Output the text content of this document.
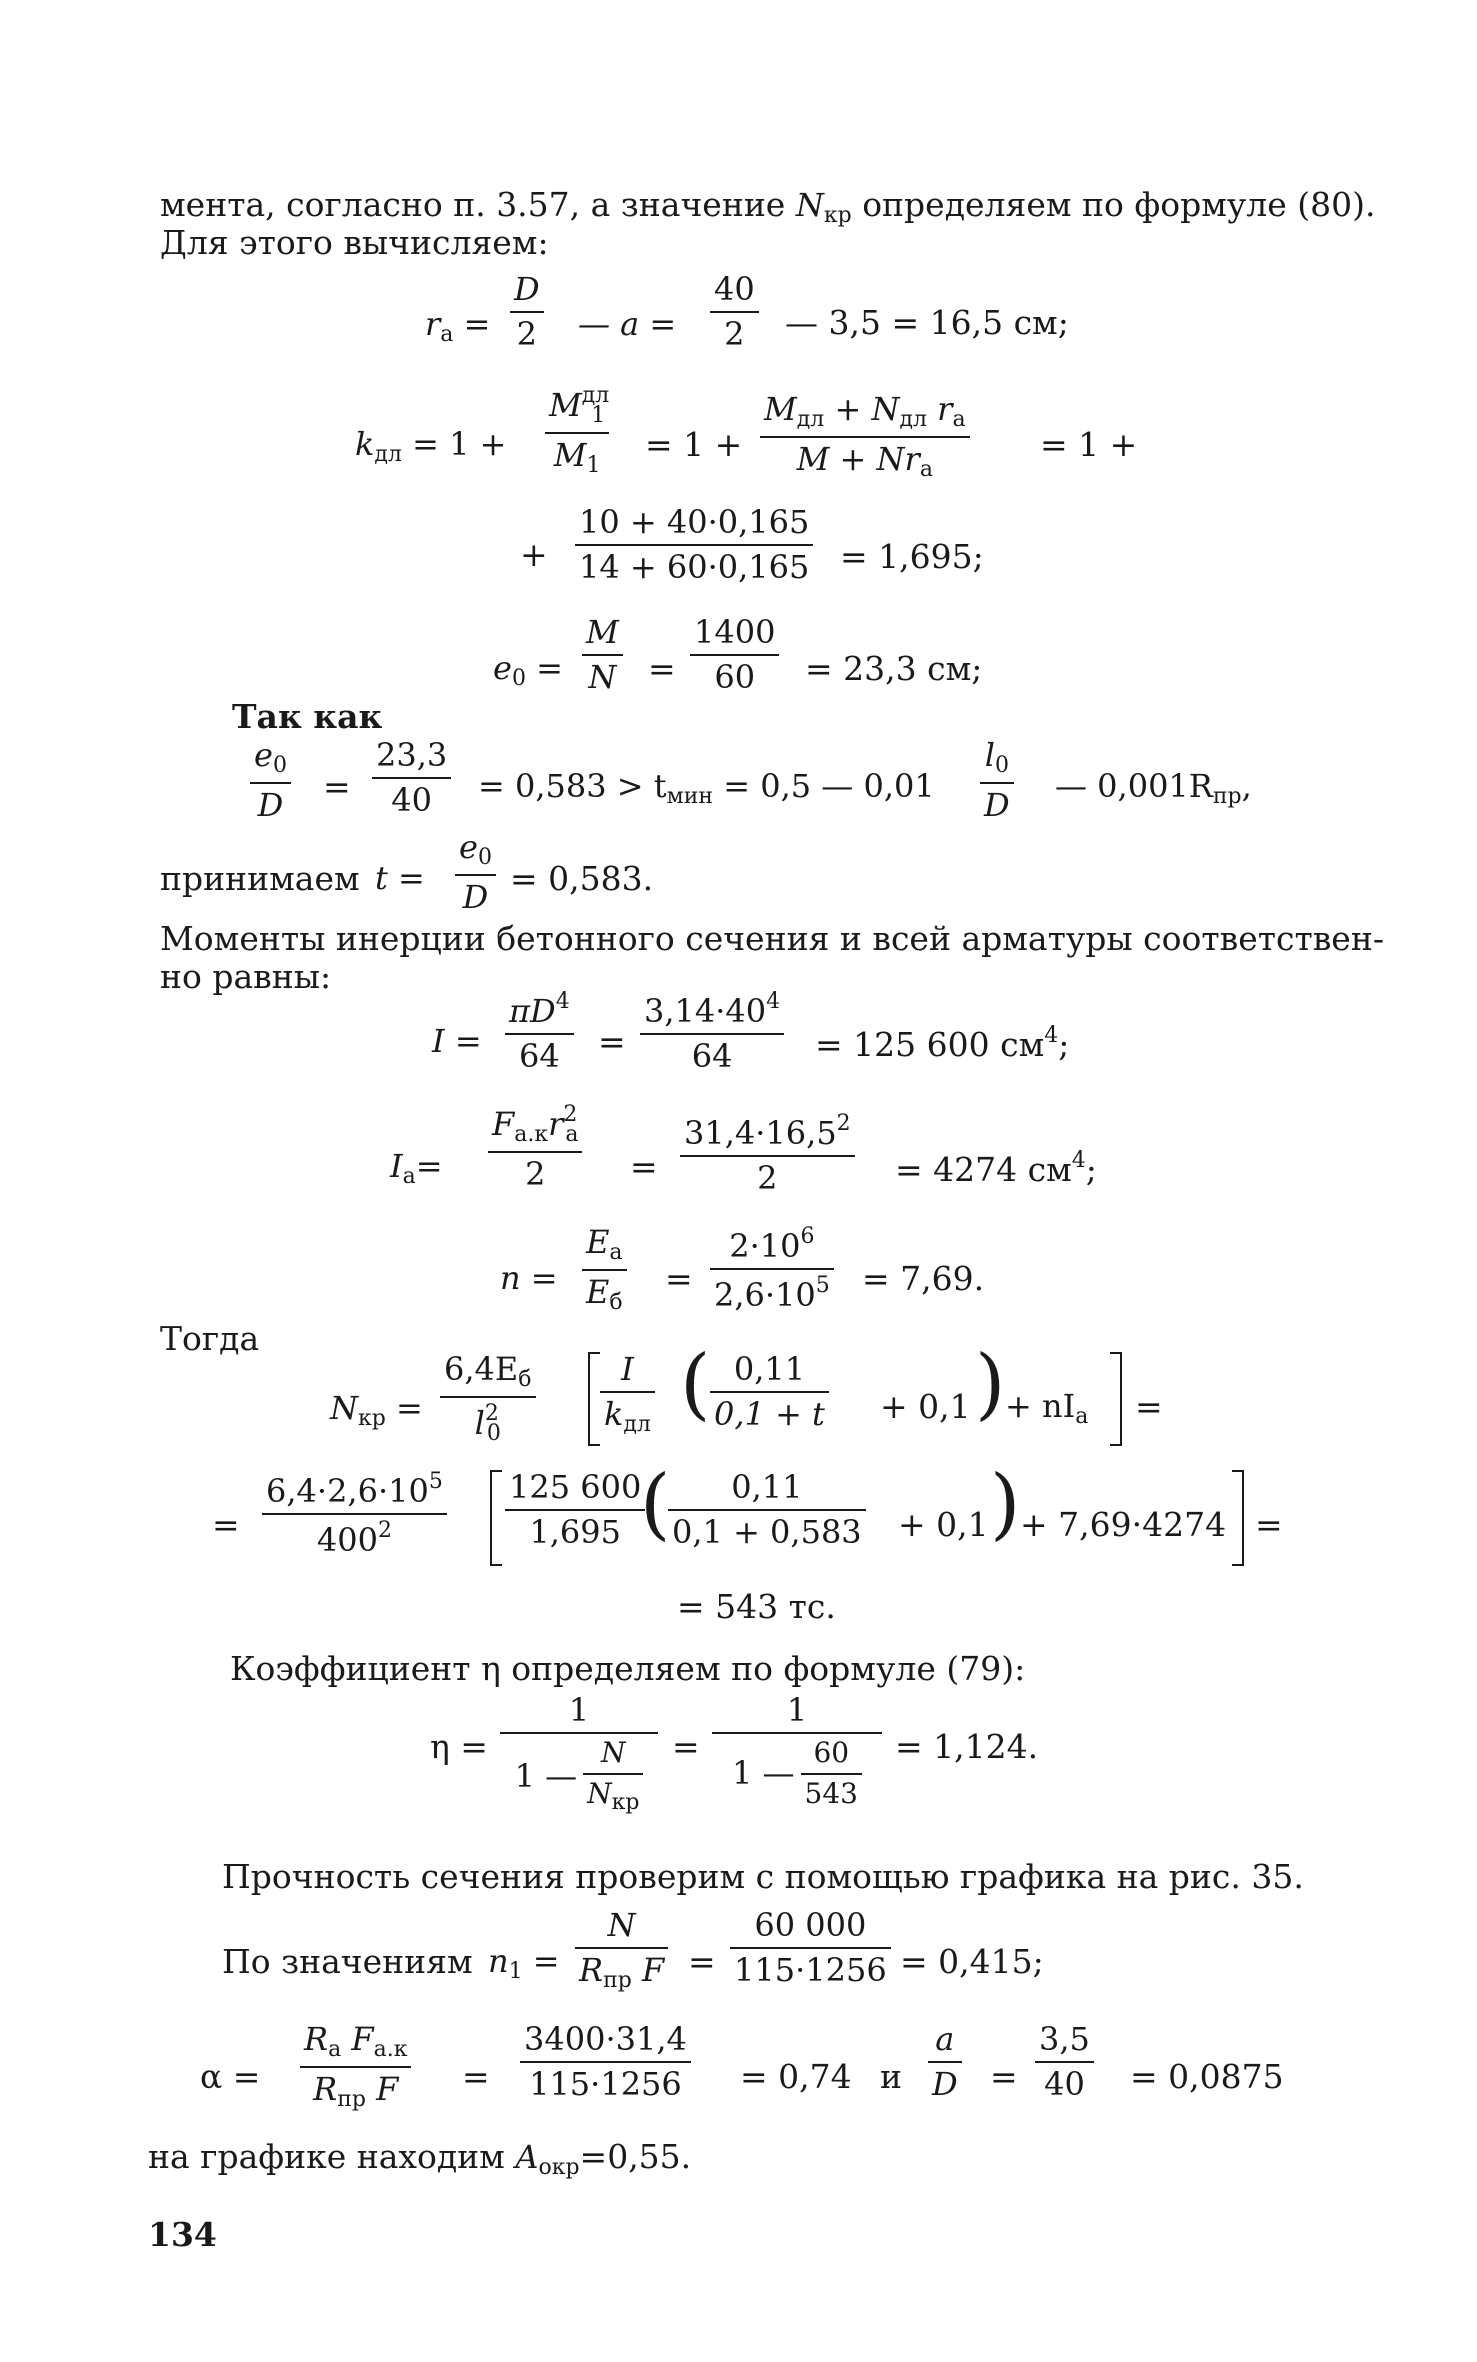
мента, согласно п. 3.57, а значение $N_{кр}$ определяем по формуле (80).
Для этого вычисляем:
$r_а$ =
D
2 — a =
40
2 — 3,5 = 16,5 см;
$k_{дл} = 1$ +
$M^{дл}_1$
$M_1$
= 1 +
$M_{дл} + N_{дл}$ $r_а$
$M + Nr_а$
= 1 +
+
10 + 40·0,165
14 + 60·0,165 = 1,695;
$e_0$ =
M
N =
1400
60 = 23,3 см;
Так как
$e_0$
D =
23,3
$40 = 0,583 > t_{мин} = 0,5$ — 0,01
$l_0$
D
— $0,001R_{пр}$,
принимаем t =
$e_0$
D = 0,583.
Моменты инерции бетонного сечения и всей арматуры соответствен-
но равны:
I =
$\pi D^4$
64 =
$3,14\cdot 40^4$
64	= 125 600 $см^4$;
$I_а=$
$F_{а.к}r^2_а$
2	=
$31,4\cdot 16,5^2$
2	= 4274 $см^4$;
n =
$E_а$
$E_б$
=
$2\cdot 10^6$
$2,6\cdot 10^5 = 7,69$.
Тогда
$N_{кр}$ =
$6,4E_б$
$l^2_0$
I
$k_{дл}$ ( 0,11
0,1 + t + 0,1 ) + $nI_а$ =
=
$6,4\cdot 2,6\cdot 10^5$
$400^2$
125 600
1,695 ( 0,11
0,1 + 0,583 + 0,1 ) + 7,69·4274 =
= 543 тс.
Коэффициент η определяем по формуле (79):
η =
1
1 — $\frac{N}{N_{кр}}$ =
1
1 — $\frac{60}{543} = 1,124$.
Прочность сечения проверим с помощью графика на рис. 35.
По значениям $n_1$ =
N
$R_{пр}$ F =
60 000
115·1256 = 0,415;
α =
$R_а$ $F_{а.к}$
$R_{пр}$ F =
3400·31,4
115·1256 = 0,74 и
a
D =
3,5
40 = 0,0875
на графике находим $A_{окр}=0,55$.
134
